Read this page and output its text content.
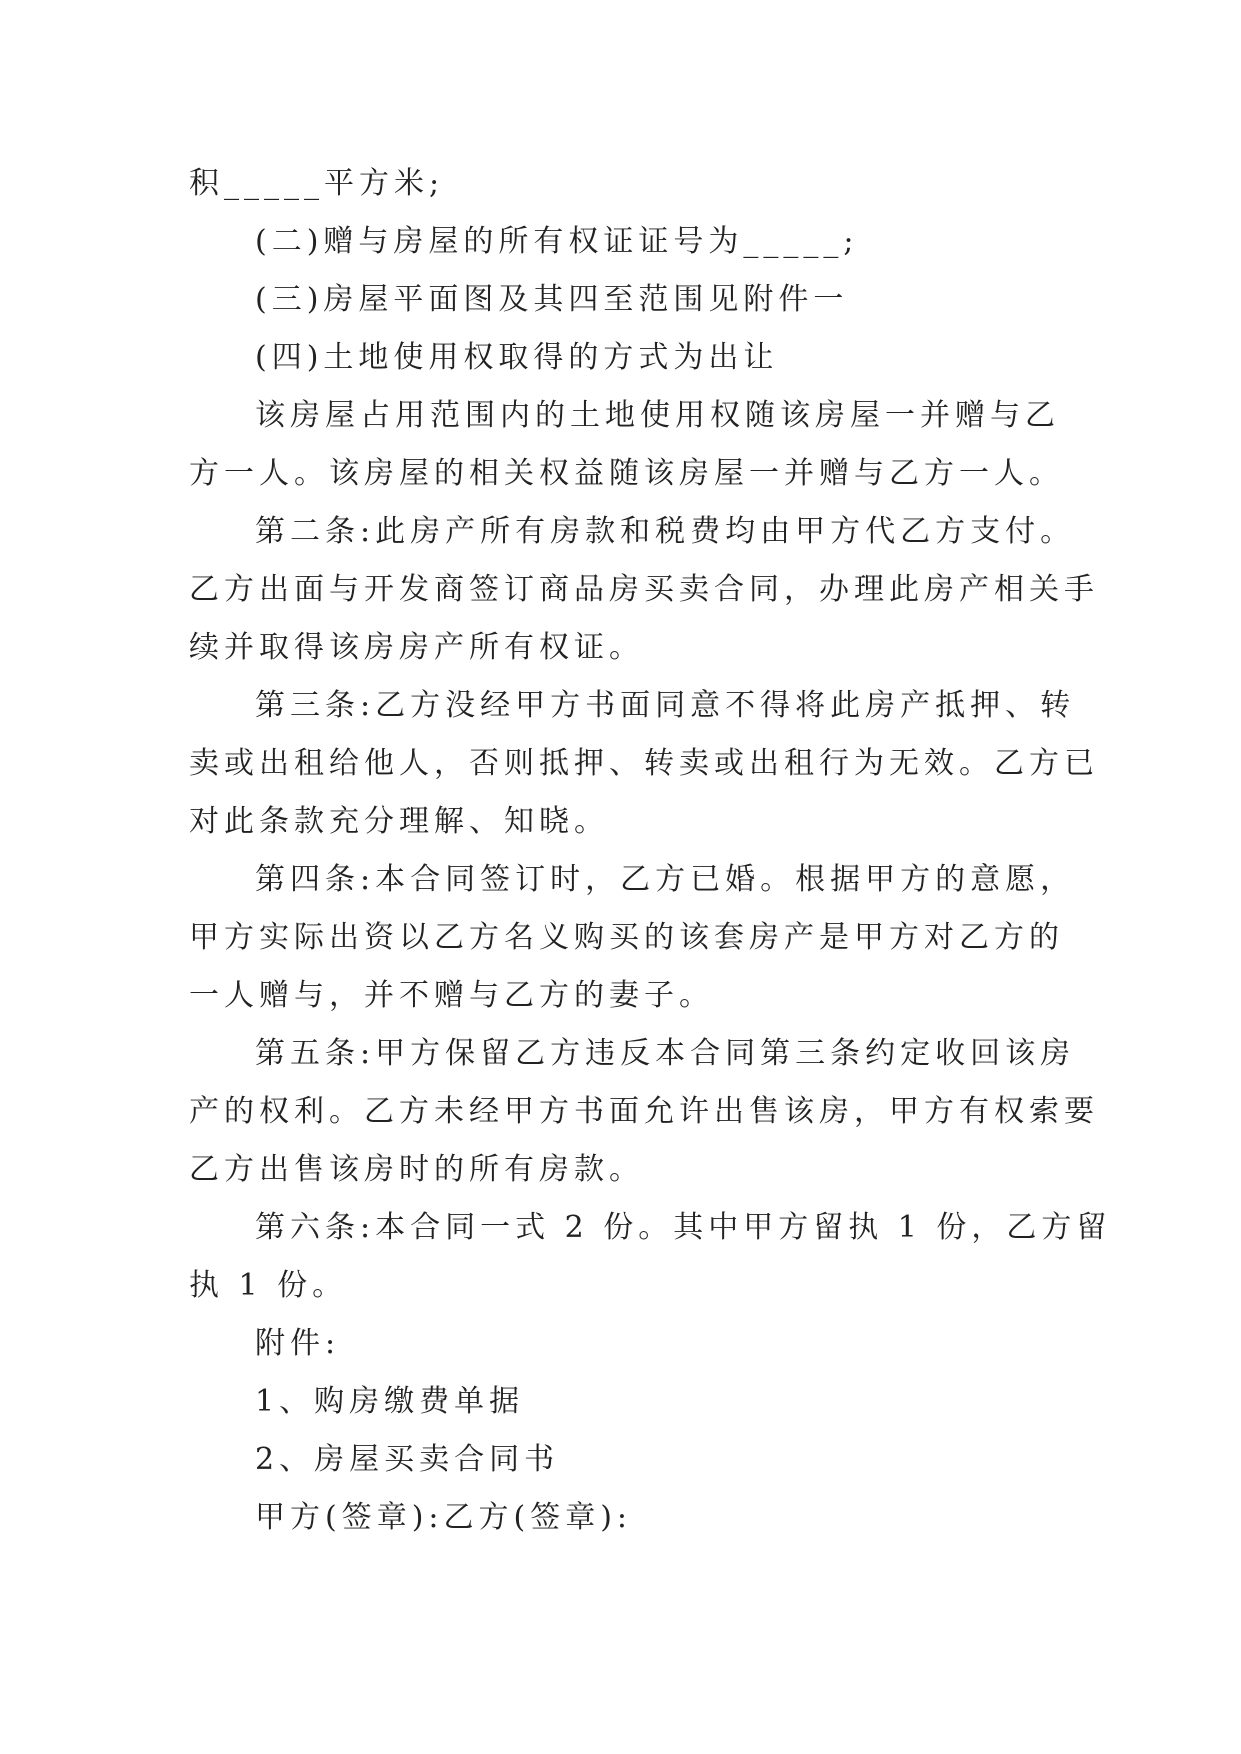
积_____平方米;
(二)赠与房屋的所有权证证号为_____;
(三)房屋平面图及其四至范围见附件一
(四)土地使用权取得的方式为出让
该房屋占用范围内的土地使用权随该房屋一并赠与乙
方一人。该房屋的相关权益随该房屋一并赠与乙方一人。
第二条:此房产所有房款和税费均由甲方代乙方支付。
乙方出面与开发商签订商品房买卖合同，办理此房产相关手
续并取得该房房产所有权证。
第三条:乙方没经甲方书面同意不得将此房产抵押、转
卖或出租给他人，否则抵押、转卖或出租行为无效。乙方已
对此条款充分理解、知晓。
第四条:本合同签订时，乙方已婚。根据甲方的意愿，
甲方实际出资以乙方名义购买的该套房产是甲方对乙方的
一人赠与，并不赠与乙方的妻子。
第五条:甲方保留乙方违反本合同第三条约定收回该房
产的权利。乙方未经甲方书面允许出售该房，甲方有权索要
乙方出售该房时的所有房款。
第六条:本合同一式 2 份。其中甲方留执 1 份，乙方留
执 1 份。
附件:
1、购房缴费单据
2、房屋买卖合同书
甲方(签章):乙方(签章):
